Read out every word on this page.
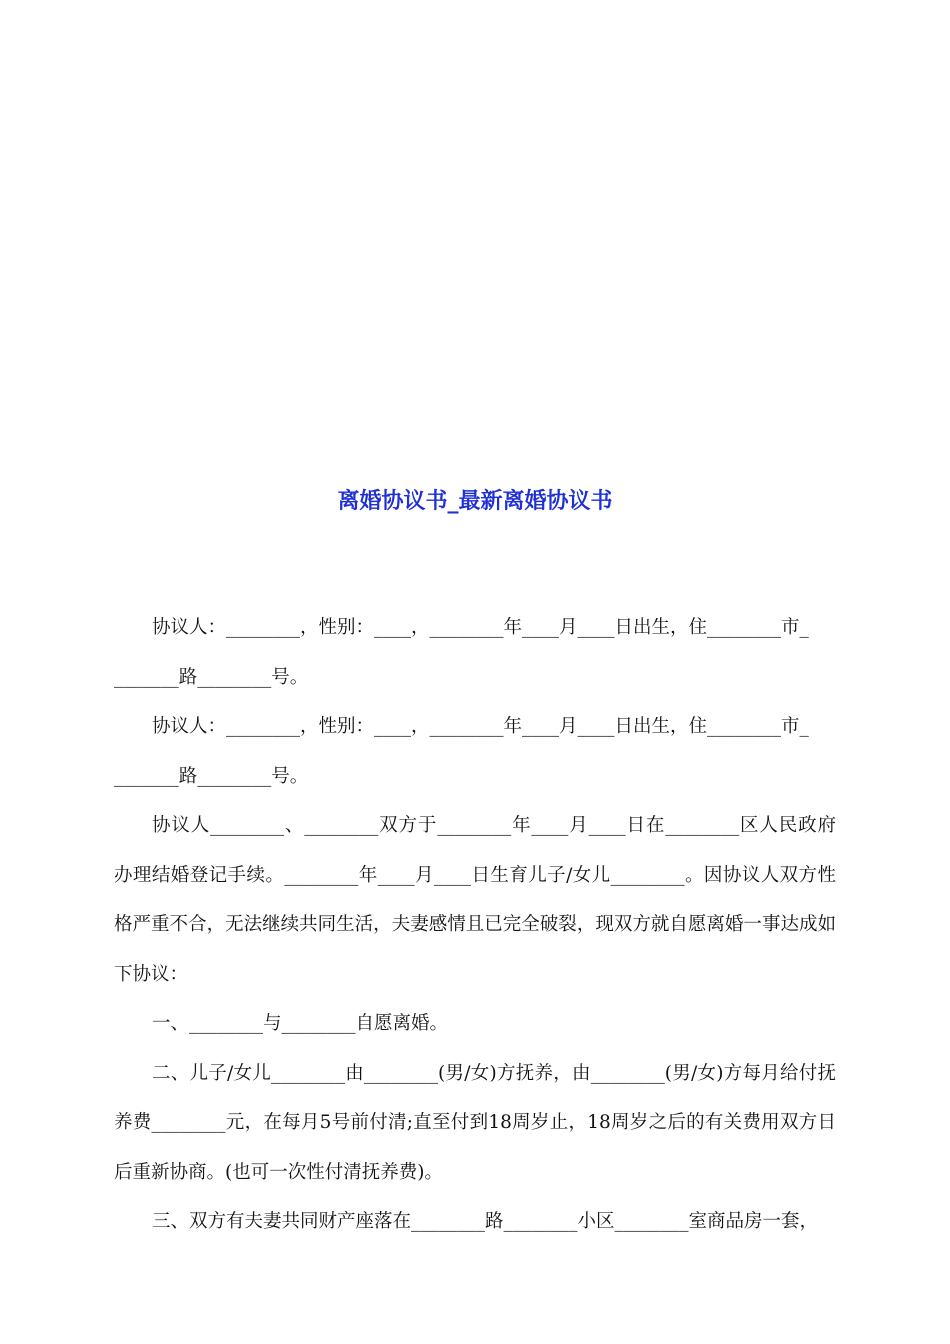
离婚协议书_最新离婚协议书

协议人：________，性别：____，________年____月____日出生，住________市_
_______路________号。

协议人：________，性别：____，________年____月____日出生，住________市_
_______路________号。

协议人________、________双方于________年____月____日在________区人民政府办理结婚登记手续。________年____月____日生育儿子/女儿________。因协议人双方性格严重不合，无法继续共同生活，夫妻感情且已完全破裂，现双方就自愿离婚一事达成如下协议：

一、________与________自愿离婚。

二、儿子/女儿________由________(男/女)方抚养，由________(男/女)方每月给付抚养费________元，在每月5号前付清;直至付到18周岁止，18周岁之后的有关费用双方日后重新协商。(也可一次性付清抚养费)。

三、双方有夫妻共同财产座落在________路________小区________室商品房一套，
